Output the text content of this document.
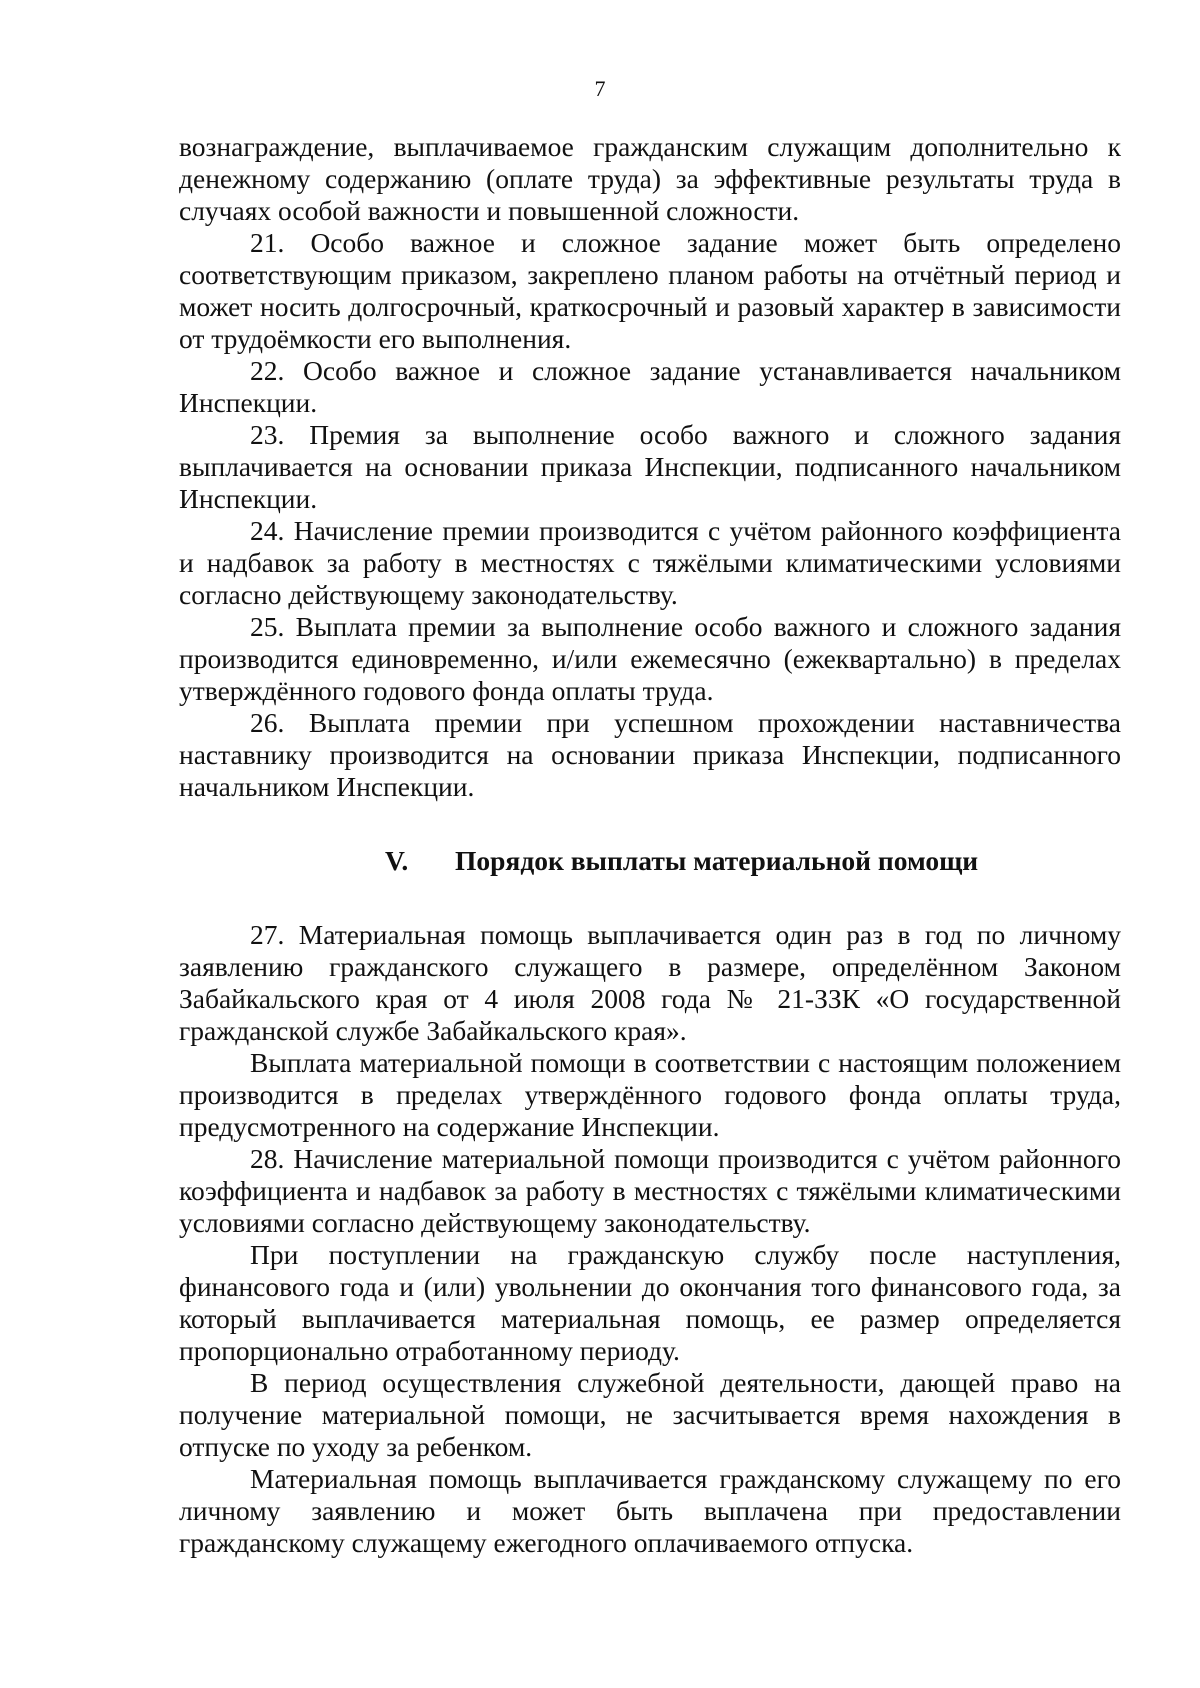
7

вознаграждение, выплачиваемое гражданским служащим дополнительно к денежному содержанию (оплате труда) за эффективные результаты труда в случаях особой важности и повышенной сложности.

21. Особо важное и сложное задание может быть определено соответствующим приказом, закреплено планом работы на отчётный период и может носить долгосрочный, краткосрочный и разовый характер в зависимости от трудоёмкости его выполнения.

22. Особо важное и сложное задание устанавливается начальником Инспекции.

23. Премия за выполнение особо важного и сложного задания выплачивается на основании приказа Инспекции, подписанного начальником Инспекции.

24. Начисление премии производится с учётом районного коэффициента и надбавок за работу в местностях с тяжёлыми климатическими условиями согласно действующему законодательству.

25. Выплата премии за выполнение особо важного и сложного задания производится единовременно, и/или ежемесячно (ежеквартально) в пределах утверждённого годового фонда оплаты труда.

26. Выплата премии при успешном прохождении наставничества наставнику производится на основании приказа Инспекции, подписанного начальником Инспекции.

V. Порядок выплаты материальной помощи

27. Материальная помощь выплачивается один раз в год по личному заявлению гражданского служащего в размере, определённом Законом Забайкальского края от 4 июля 2008 года № 21-ЗЗК «О государственной гражданской службе Забайкальского края».

Выплата материальной помощи в соответствии с настоящим положением производится в пределах утверждённого годового фонда оплаты труда, предусмотренного на содержание Инспекции.

28. Начисление материальной помощи производится с учётом районного коэффициента и надбавок за работу в местностях с тяжёлыми климатическими условиями согласно действующему законодательству.

При поступлении на гражданскую службу после наступления, финансового года и (или) увольнении до окончания того финансового года, за который выплачивается материальная помощь, ее размер определяется пропорционально отработанному периоду.

В период осуществления служебной деятельности, дающей право на получение материальной помощи, не засчитывается время нахождения в отпуске по уходу за ребенком.

Материальная помощь выплачивается гражданскому служащему по его личному заявлению и может быть выплачена при предоставлении гражданскому служащему ежегодного оплачиваемого отпуска.
